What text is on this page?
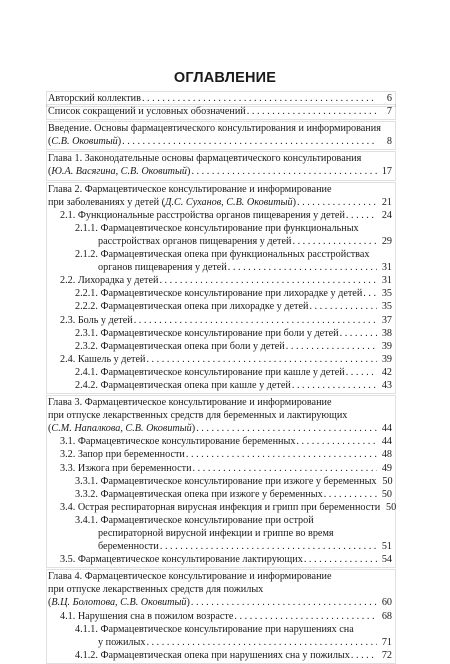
ОГЛАВЛЕНИЕ
Авторский коллектив . . .	6
Список сокращений и условных обозначений . . .	7
Введение. Основы фармацевтического консультирования и информирования
(С.В. Оковитый) . . .	8
Глава 1. Законодательные основы фармацевтического консультирования
(Ю.А. Васягина, С.В. Оковитый) . . .	17
Глава 2. Фармацевтическое консультирование и информирование
при заболеваниях у детей (Д.С. Суханов, С.В. Оковитый) . . .	21
2.1. Функциональные расстройства органов пищеварения у детей . . .	24
2.1.1. Фармацевтическое консультирование при функциональных
расстройствах органов пищеварения у детей . . .	29
2.1.2. Фармацевтическая опека при функциональных расстройствах
органов пищеварения у детей . . .	31
2.2. Лихорадка у детей . . .	31
2.2.1. Фармацевтическое консультирование при лихорадке у детей . . .	35
2.2.2. Фармацевтическая опека при лихорадке у детей . . .	35
2.3. Боль у детей . . .	37
2.3.1. Фармацевтическое консультирование при боли у детей . . .	38
2.3.2. Фармацевтическая опека при боли у детей . . .	39
2.4. Кашель у детей . . .	39
2.4.1. Фармацевтическое консультирование при кашле у детей . . .	42
2.4.2. Фармацевтическая опека при кашле у детей . . .	43
Глава 3. Фармацевтическое консультирование и информирование
при отпуске лекарственных средств для беременных и лактирующих
(С.М. Напалкова, С.В. Оковитый) . . .	44
3.1. Фармацевтическое консультирование беременных . . .	44
3.2. Запор при беременности . . .	48
3.3. Изжога при беременности . . .	49
3.3.1. Фармацевтическое консультирование при изжоге у беременных 50
3.3.2. Фармацевтическая опека при изжоге у беременных . . .	50
3.4. Острая респираторная вирусная инфекция и грипп при беременности 50
3.4.1. Фармацевтическое консультирование при острой
респираторной вирусной инфекции и гриппе во время
беременности . . .	51
3.5. Фармацевтическое консультирование лактирующих . . .	54
Глава 4. Фармацевтическое консультирование и информирование
при отпуске лекарственных средств для пожилых
(В.Ц. Болотова, С.В. Оковитый) . . .	60
4.1. Нарушения сна в пожилом возрасте . . .	68
4.1.1. Фармацевтическое консультирование при нарушениях сна
у пожилых . . .	71
4.1.2. Фармацевтическая опека при нарушениях сна у пожилых . . .	72
